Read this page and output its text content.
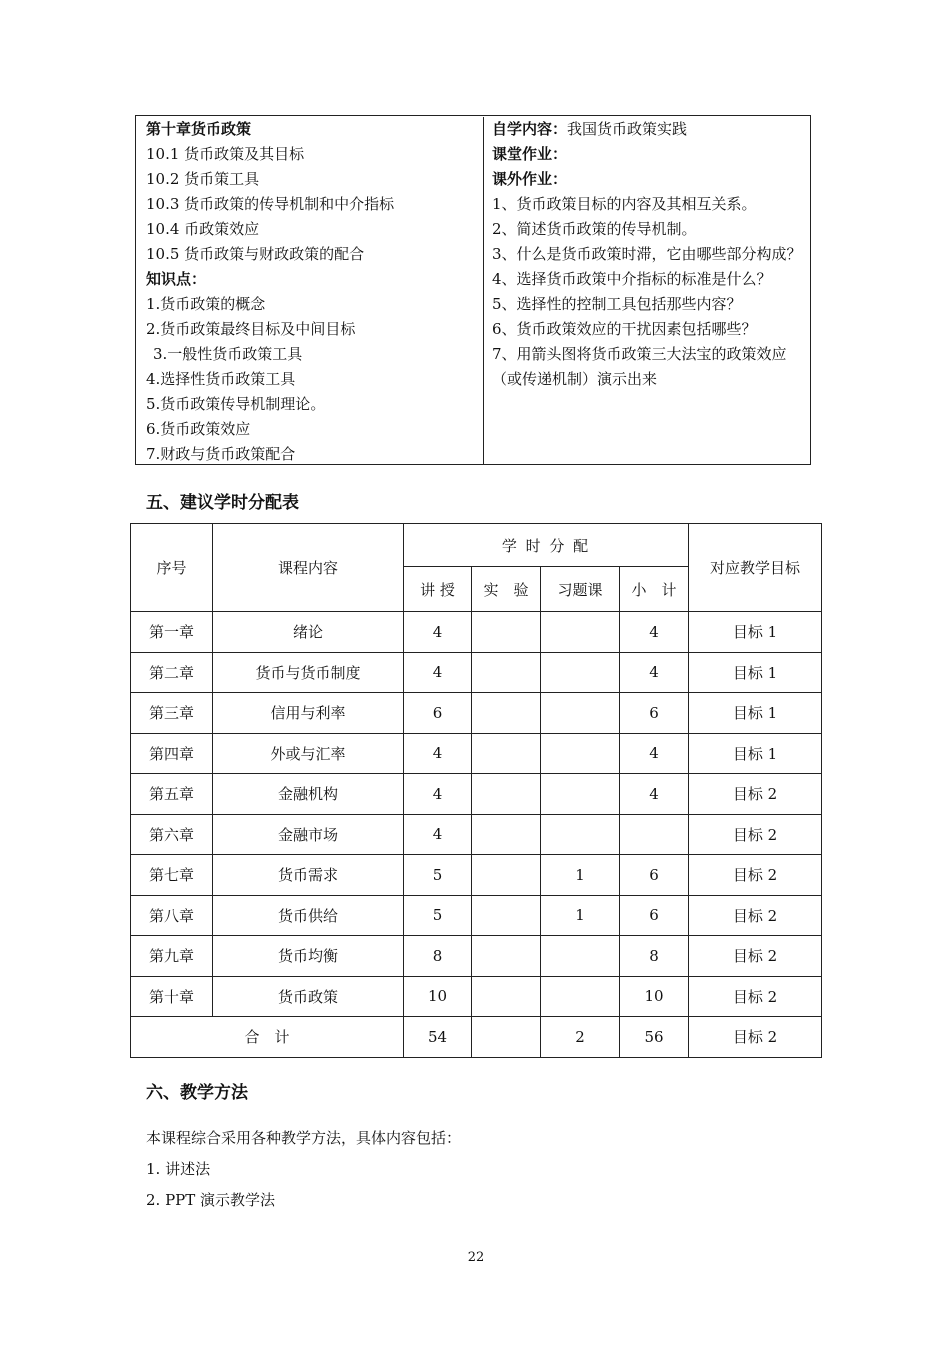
第十章货币政策
10.1 货币政策及其目标
10.2 货币策工具
10.3 货币政策的传导机制和中介指标
10.4 币政策效应
10.5 货币政策与财政政策的配合
知识点：
1.货币政策的概念
2.货币政策最终目标及中间目标
3.一般性货币政策工具
4.选择性货币政策工具
5.货币政策传导机制理论。
6.货币政策效应
7.财政与货币政策配合
自学内容：我国货币政策实践
课堂作业：
课外作业：
1、货币政策目标的内容及其相互关系。
2、简述货币政策的传导机制。
3、什么是货币政策时滞，它由哪些部分构成？
4、选择货币政策中介指标的标准是什么？
5、选择性的控制工具包括那些内容？
6、货币政策效应的干扰因素包括哪些？
7、用箭头图将货币政策三大法宝的政策效应（或传递机制）演示出来
五、建议学时分配表
序号	课程内容	学 时 分 配				对应教学目标
		讲 授	实　验	习题课	小　计	
第一章	绪论	4			4	目标 1
第二章	货币与货币制度	4			4	目标 1
第三章	信用与利率	6			6	目标 1
第四章	外或与汇率	4			4	目标 1
第五章	金融机构	4			4	目标 2
第六章	金融市场	4				目标 2
第七章	货币需求	5		1	6	目标 2
第八章	货币供给	5		1	6	目标 2
第九章	货币均衡	8			8	目标 2
第十章	货币政策	10			10	目标 2
合　计		54		2	56	目标 2
六、教学方法
本课程综合采用各种教学方法，具体内容包括：
1. 讲述法
2. PPT 演示教学法
22
